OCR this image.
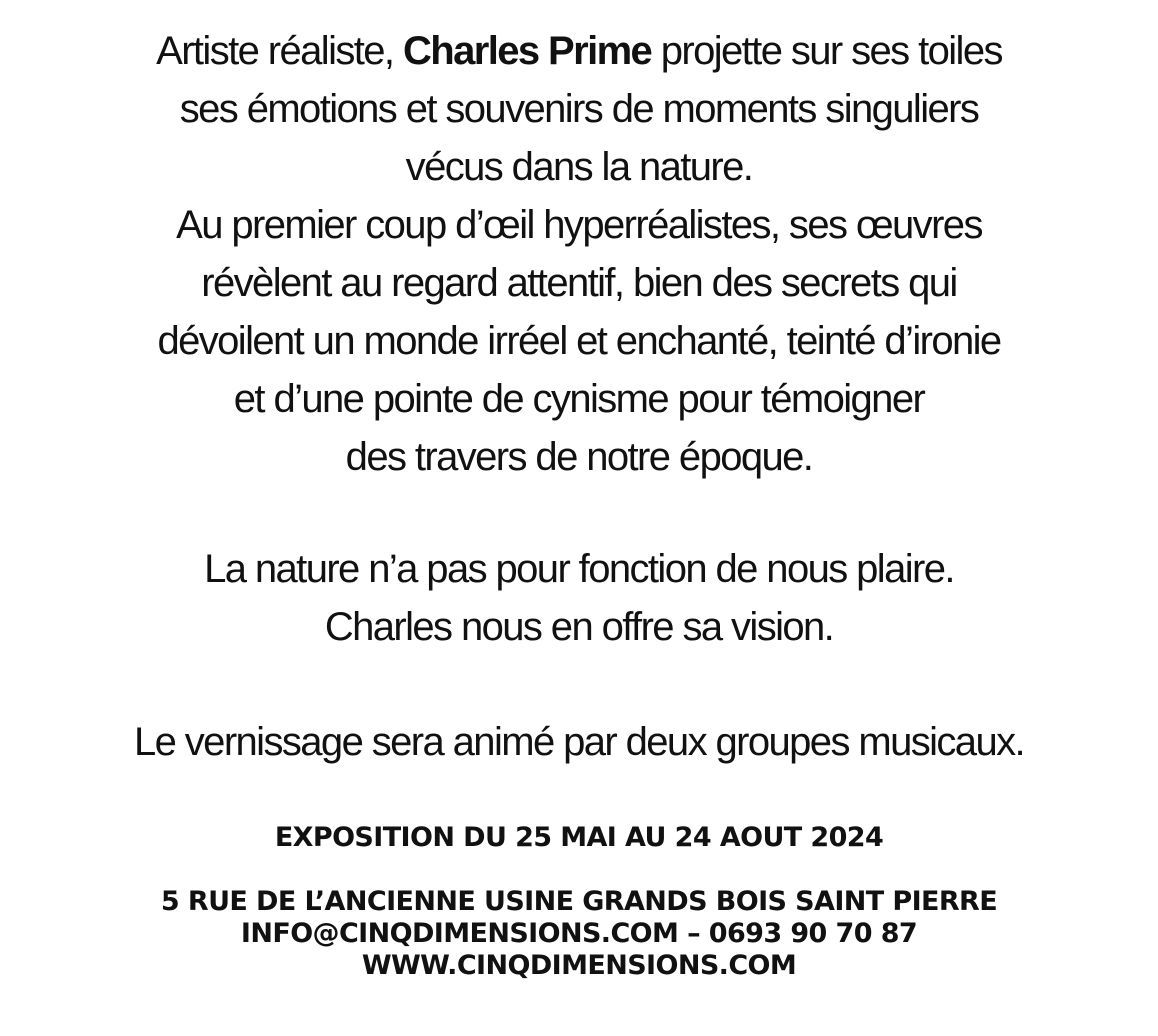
Artiste réaliste, Charles Prime projette sur ses toiles
ses émotions et souvenirs de moments singuliers
vécus dans la nature.
Au premier coup d’œil hyperréalistes, ses œuvres
révèlent au regard attentif, bien des secrets qui
dévoilent un monde irréel et enchanté, teinté d’ironie
et d’une pointe de cynisme pour témoigner
des travers de notre époque.
La nature n’a pas pour fonction de nous plaire.
Charles nous en offre sa vision.
Le vernissage sera animé par deux groupes musicaux.
EXPOSITION DU 25 MAI AU 24 AOUT 2024
5 RUE DE L’ANCIENNE USINE GRANDS BOIS SAINT PIERRE
INFO@CINQDIMENSIONS.COM – 0693 90 70 87
WWW.CINQDIMENSIONS.COM
